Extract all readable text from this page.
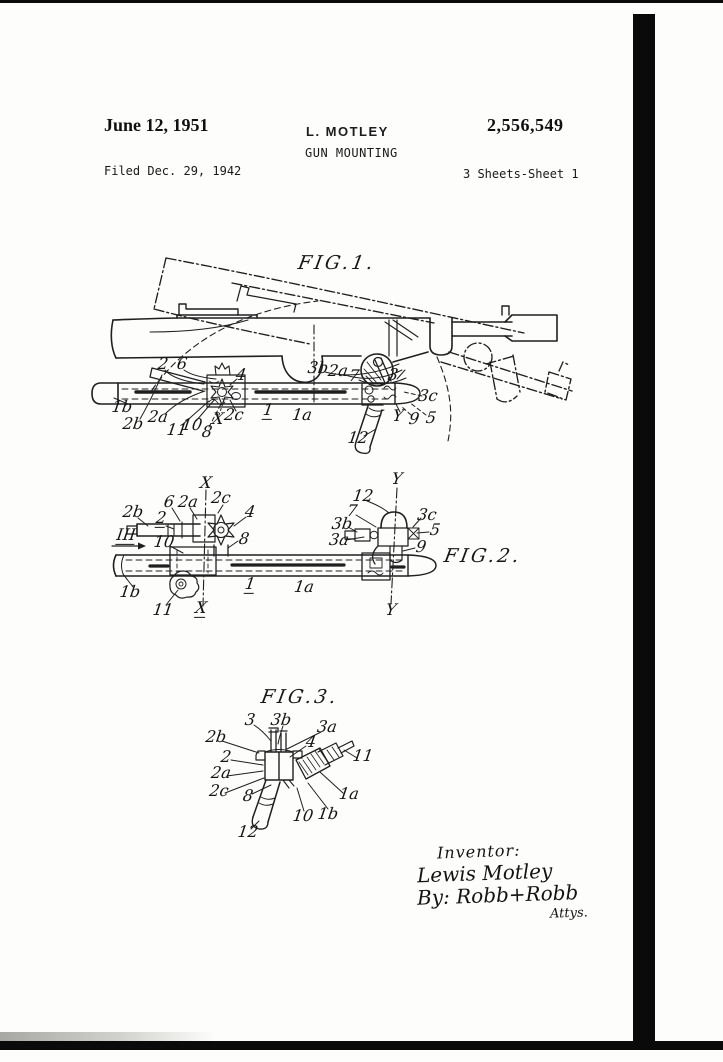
June 12, 1951	L. MOTLEY	2,556,549
GUN MOUNTING
Filed Dec. 29, 1942	3 Sheets-Sheet 1
FIG.1.
FIG.2.
FIG.3.
1b
2b 2a
11
10
8
X
2c
2 6
4
1 1a
3b
2a
7 3
3c
Y 9 5
12
X
X
Y
Y
2b 2
6 2a 2c
4
III 10	8
1b
11
1 1a
12
7
3b
3a
3c
5
9
3 3b 3a
2b	4
2
2a
2c 8
11
1a
10 1b
12
Inventor:
Lewis Motley
By: Robb+Robb
Attys.
